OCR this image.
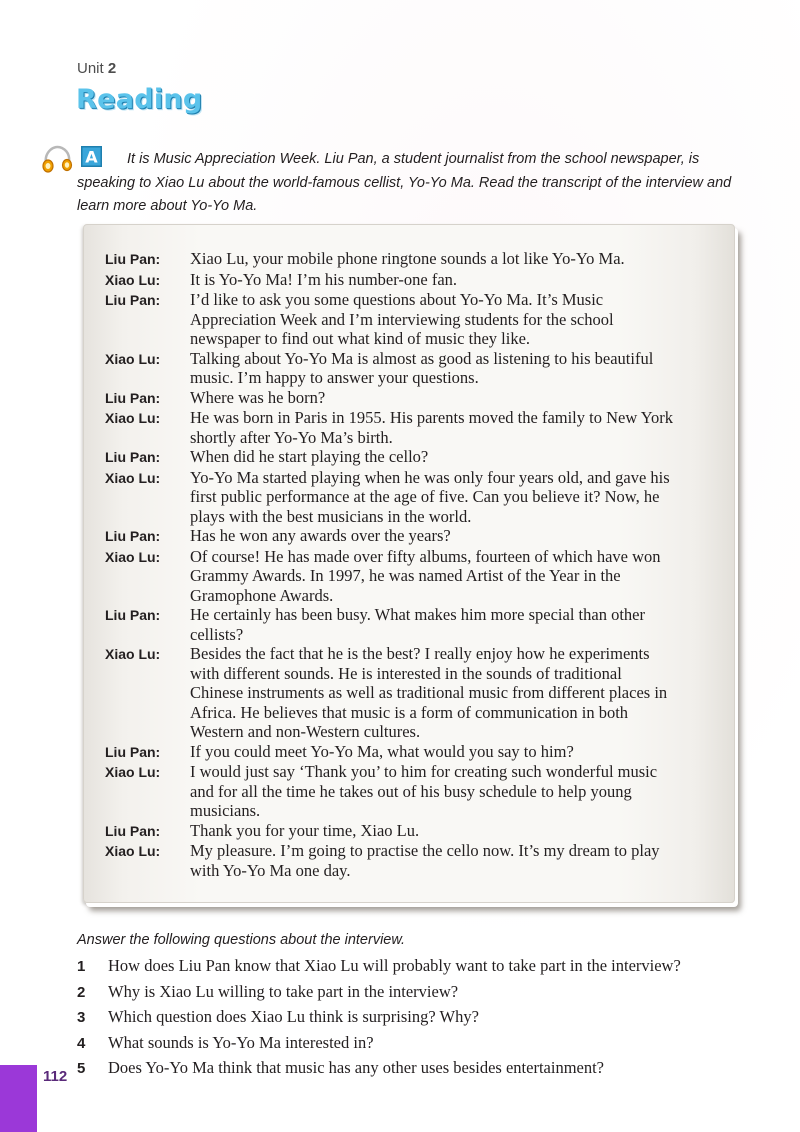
Unit 2
Reading
A	It is Music Appreciation Week. Liu Pan, a student journalist from the school newspaper, is speaking to Xiao Lu about the world-famous cellist, Yo-Yo Ma. Read the transcript of the interview and learn more about Yo-Yo Ma.

Liu Pan:	Xiao Lu, your mobile phone ringtone sounds a lot like Yo-Yo Ma.
Xiao Lu:	It is Yo-Yo Ma! I’m his number-one fan.
Liu Pan:	I’d like to ask you some questions about Yo-Yo Ma. It’s Music
Appreciation Week and I’m interviewing students for the school
newspaper to find out what kind of music they like.
Xiao Lu:	Talking about Yo-Yo Ma is almost as good as listening to his beautiful
music. I’m happy to answer your questions.
Liu Pan:	Where was he born?
Xiao Lu:	He was born in Paris in 1955. His parents moved the family to New York
shortly after Yo-Yo Ma’s birth.
Liu Pan:	When did he start playing the cello?
Xiao Lu:	Yo-Yo Ma started playing when he was only four years old, and gave his
first public performance at the age of five. Can you believe it? Now, he
plays with the best musicians in the world.
Liu Pan:	Has he won any awards over the years?
Xiao Lu:	Of course! He has made over fifty albums, fourteen of which have won
Grammy Awards. In 1997, he was named Artist of the Year in the
Gramophone Awards.
Liu Pan:	He certainly has been busy. What makes him more special than other
cellists?
Xiao Lu:	Besides the fact that he is the best? I really enjoy how he experiments
with different sounds. He is interested in the sounds of traditional
Chinese instruments as well as traditional music from different places in
Africa. He believes that music is a form of communication in both
Western and non-Western cultures.
Liu Pan:	If you could meet Yo-Yo Ma, what would you say to him?
Xiao Lu:	I would just say ‘Thank you’ to him for creating such wonderful music
and for all the time he takes out of his busy schedule to help young
musicians.
Liu Pan:	Thank you for your time, Xiao Lu.
Xiao Lu:	My pleasure. I’m going to practise the cello now. It’s my dream to play
with Yo-Yo Ma one day.

Answer the following questions about the interview.

1	How does Liu Pan know that Xiao Lu will probably want to take part in the interview?
2	Why is Xiao Lu willing to take part in the interview?
3	Which question does Xiao Lu think is surprising? Why?
4	What sounds is Yo-Yo Ma interested in?
5	Does Yo-Yo Ma think that music has any other uses besides entertainment?
112
